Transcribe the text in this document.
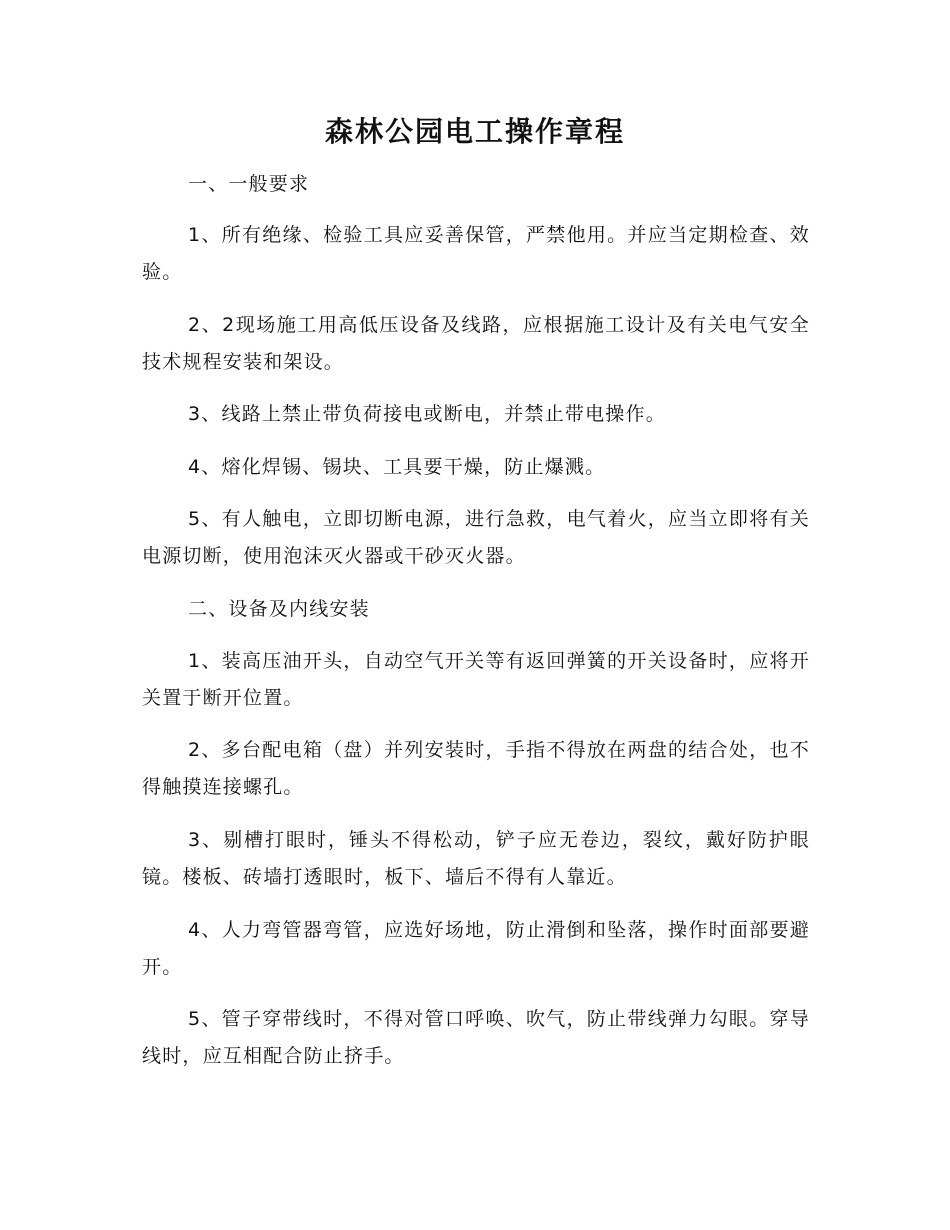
森林公园电工操作章程

一、一般要求

1、所有绝缘、检验工具应妥善保管，严禁他用。并应当定期检查、效验。

2、2现场施工用高低压设备及线路，应根据施工设计及有关电气安全技术规程安装和架设。

3、线路上禁止带负荷接电或断电，并禁止带电操作。

4、熔化焊锡、锡块、工具要干燥，防止爆溅。

5、有人触电，立即切断电源，进行急救，电气着火，应当立即将有关电源切断，使用泡沫灭火器或干砂灭火器。

二、设备及内线安装

1、装高压油开头，自动空气开关等有返回弹簧的开关设备时，应将开关置于断开位置。

2、多台配电箱（盘）并列安装时，手指不得放在两盘的结合处，也不得触摸连接螺孔。

3、剔槽打眼时，锤头不得松动，铲子应无卷边，裂纹，戴好防护眼镜。楼板、砖墙打透眼时，板下、墙后不得有人靠近。

4、人力弯管器弯管，应选好场地，防止滑倒和坠落，操作时面部要避开。

5、管子穿带线时，不得对管口呼唤、吹气，防止带线弹力勾眼。穿导线时，应互相配合防止挤手。
